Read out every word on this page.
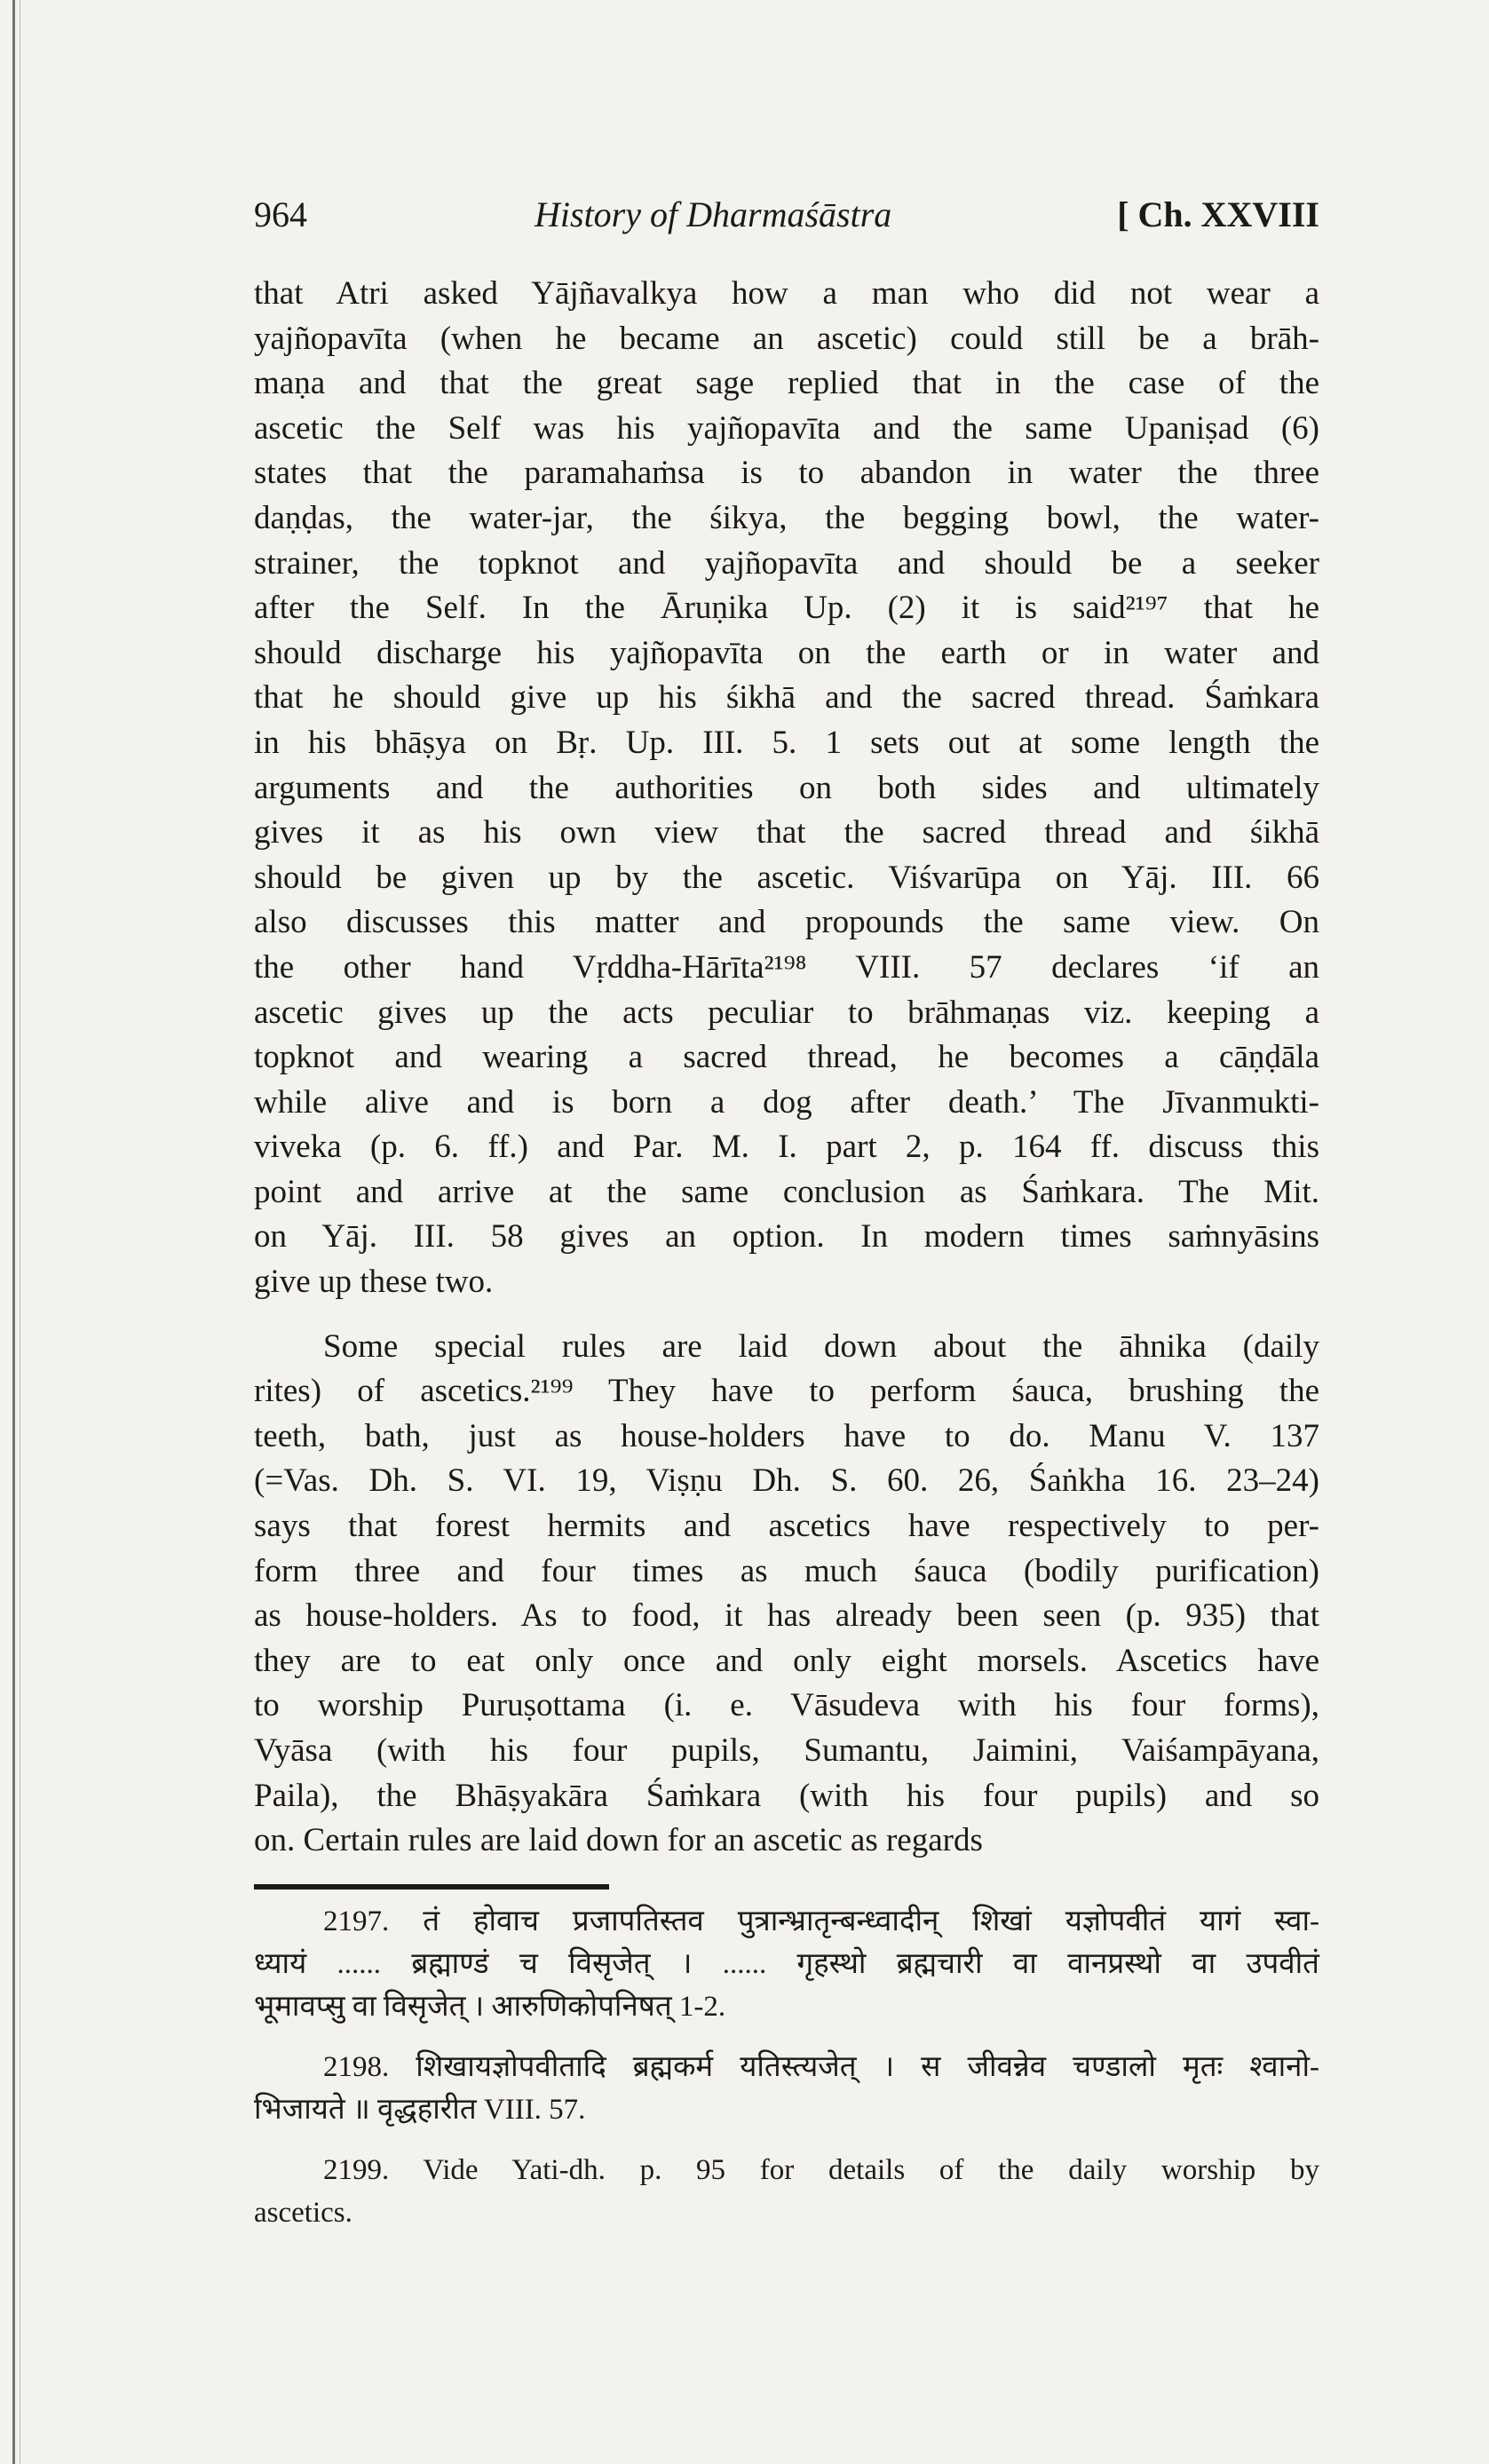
964	History of Dharmaśāstra	[ Ch. XXVIII
that Atri asked Yājñavalkya how a man who did not wear a
yajñopavīta (when he became an ascetic) could still be a brāh-
maṇa and that the great sage replied that in the case of the
ascetic the Self was his yajñopavīta and the same Upaniṣad (6)
states that the paramahaṁsa is to abandon in water the three
daṇḍas, the water-jar, the śikya, the begging bowl, the water-
strainer, the topknot and yajñopavīta and should be a seeker
after the Self. In the Āruṇika Up. (2) it is said²¹⁹⁷ that he
should discharge his yajñopavīta on the earth or in water and
that he should give up his śikhā and the sacred thread. Śaṁkara
in his bhāṣya on Bṛ. Up. III. 5. 1 sets out at some length the
arguments and the authorities on both sides and ultimately
gives it as his own view that the sacred thread and śikhā
should be given up by the ascetic. Viśvarūpa on Yāj. III. 66
also discusses this matter and propounds the same view. On
the other hand Vṛddha-Hārīta²¹⁹⁸ VIII. 57 declares ‘if an
ascetic gives up the acts peculiar to brāhmaṇas viz. keeping a
topknot and wearing a sacred thread, he becomes a cāṇḍāla
while alive and is born a dog after death.’ The Jīvanmukti-
viveka (p. 6. ff.) and Par. M. I. part 2, p. 164 ff. discuss this
point and arrive at the same conclusion as Śaṁkara. The Mit.
on Yāj. III. 58 gives an option. In modern times saṁnyāsins
give up these two.
Some special rules are laid down about the āhnika (daily
rites) of ascetics.²¹⁹⁹ They have to perform śauca, brushing the
teeth, bath, just as house-holders have to do. Manu V. 137
(=Vas. Dh. S. VI. 19, Viṣṇu Dh. S. 60. 26, Śaṅkha 16. 23–24)
says that forest hermits and ascetics have respectively to per-
form three and four times as much śauca (bodily purification)
as house-holders. As to food, it has already been seen (p. 935) that
they are to eat only once and only eight morsels. Ascetics have
to worship Puruṣottama (i. e. Vāsudeva with his four forms),
Vyāsa (with his four pupils, Sumantu, Jaimini, Vaiśampāyana,
Paila), the Bhāṣyakāra Śaṁkara (with his four pupils) and so
on. Certain rules are laid down for an ascetic as regards
2197. तं होवाच प्रजापतिस्तव पुत्रान्भ्रातृन्बन्ध्वादीन् शिखां यज्ञोपवीतं यागं स्वा-
ध्यायं ...... ब्रह्माण्डं च विसृजेत् । ...... गृहस्थो ब्रह्मचारी वा वानप्रस्थो वा उपवीतं
भूमावप्सु वा विसृजेत् । आरुणिकोपनिषत् 1-2.
2198. शिखायज्ञोपवीतादि ब्रह्मकर्म यतिस्त्यजेत् । स जीवन्नेव चण्डालो मृतः श्वानो-
भिजायते ॥ वृद्धहारीत VIII. 57.
2199. Vide Yati-dh. p. 95 for details of the daily worship by
ascetics.
